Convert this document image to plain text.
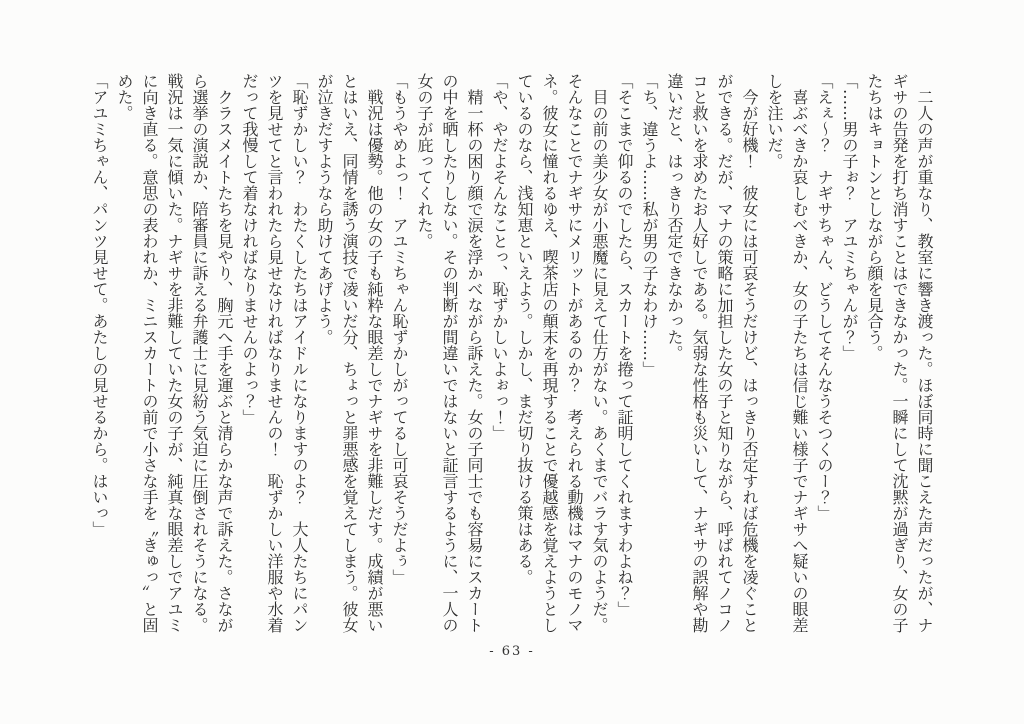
　二人の声が重なり、教室に響き渡った。ほぼ同時に聞こえた声だったが、ナギサの告発を打ち消すことはできなかった。一瞬にして沈黙が過ぎり、女の子たちはキョトンとしながら顔を見合う。

「……男の子ぉ？　アユミちゃんが？」

「えぇ～？　ナギサちゃん、どうしてそんなうそつくのー？」

　喜ぶべきか哀しむべきか、女の子たちは信じ難い様子でナギサへ疑いの眼差しを注いだ。

　今が好機！　彼女には可哀そうだけど、はっきり否定すれば危機を凌ぐことができる。だが、マナの策略に加担した女の子と知りながら、呼ばれてノコノコと救いを求めたお人好しである。気弱な性格も災いして、ナギサの誤解や勘違いだと、はっきり否定できなかった。

「ち、違うよ……私が男の子なわけ……」

「そこまで仰るのでしたら、スカートを捲って証明してくれますわよね？」

　目の前の美少女が小悪魔に見えて仕方がない。あくまでバラす気のようだ。そんなことでナギサにメリットがあるのか？　考えられる動機はマナのモノマネ。彼女に憧れるゆえ、喫茶店の顛末を再現することで優越感を覚えようとしているのなら、浅知恵といえよう。しかし、まだ切り抜ける策はある。

「や、やだよそんなことっ、恥ずかしいよぉっ！」

　精一杯の困り顔で涙を浮かべながら訴えた。女の子同士でも容易にスカートの中を晒したりしない。その判断が間違いではないと証言するように、一人の女の子が庇ってくれた。

「もうやめよっ！　アユミちゃん恥ずかしがってるし可哀そうだよぅ」

　戦況は優勢。他の女の子も純粋な眼差しでナギサを非難しだす。成績が悪いとはいえ、同情を誘う演技で凌いだ分、ちょっと罪悪感を覚えてしまう。彼女が泣きだすようなら助けてあげよう。

「恥ずかしい？　わたくしたちはアイドルになりますのよ？　大人たちにパンツを見せてと言われたら見せなければなりませんの！　恥ずかしい洋服や水着だって我慢して着なければなりませんのよっ？」

　クラスメイトたちを見やり、胸元へ手を運ぶと清らかな声で訴えた。さながら選挙の演説か、陪審員に訴える弁護士に見紛う気迫に圧倒されそうになる。戦況は一気に傾いた。ナギサを非難していた女の子が、純真な眼差しでアユミに向き直る。意思の表われか、ミニスカートの前で小さな手を〝きゅっ〟と固めた。

「アユミちゃん、パンツ見せて。あたしの見せるから。はいっ」

- 63 -
